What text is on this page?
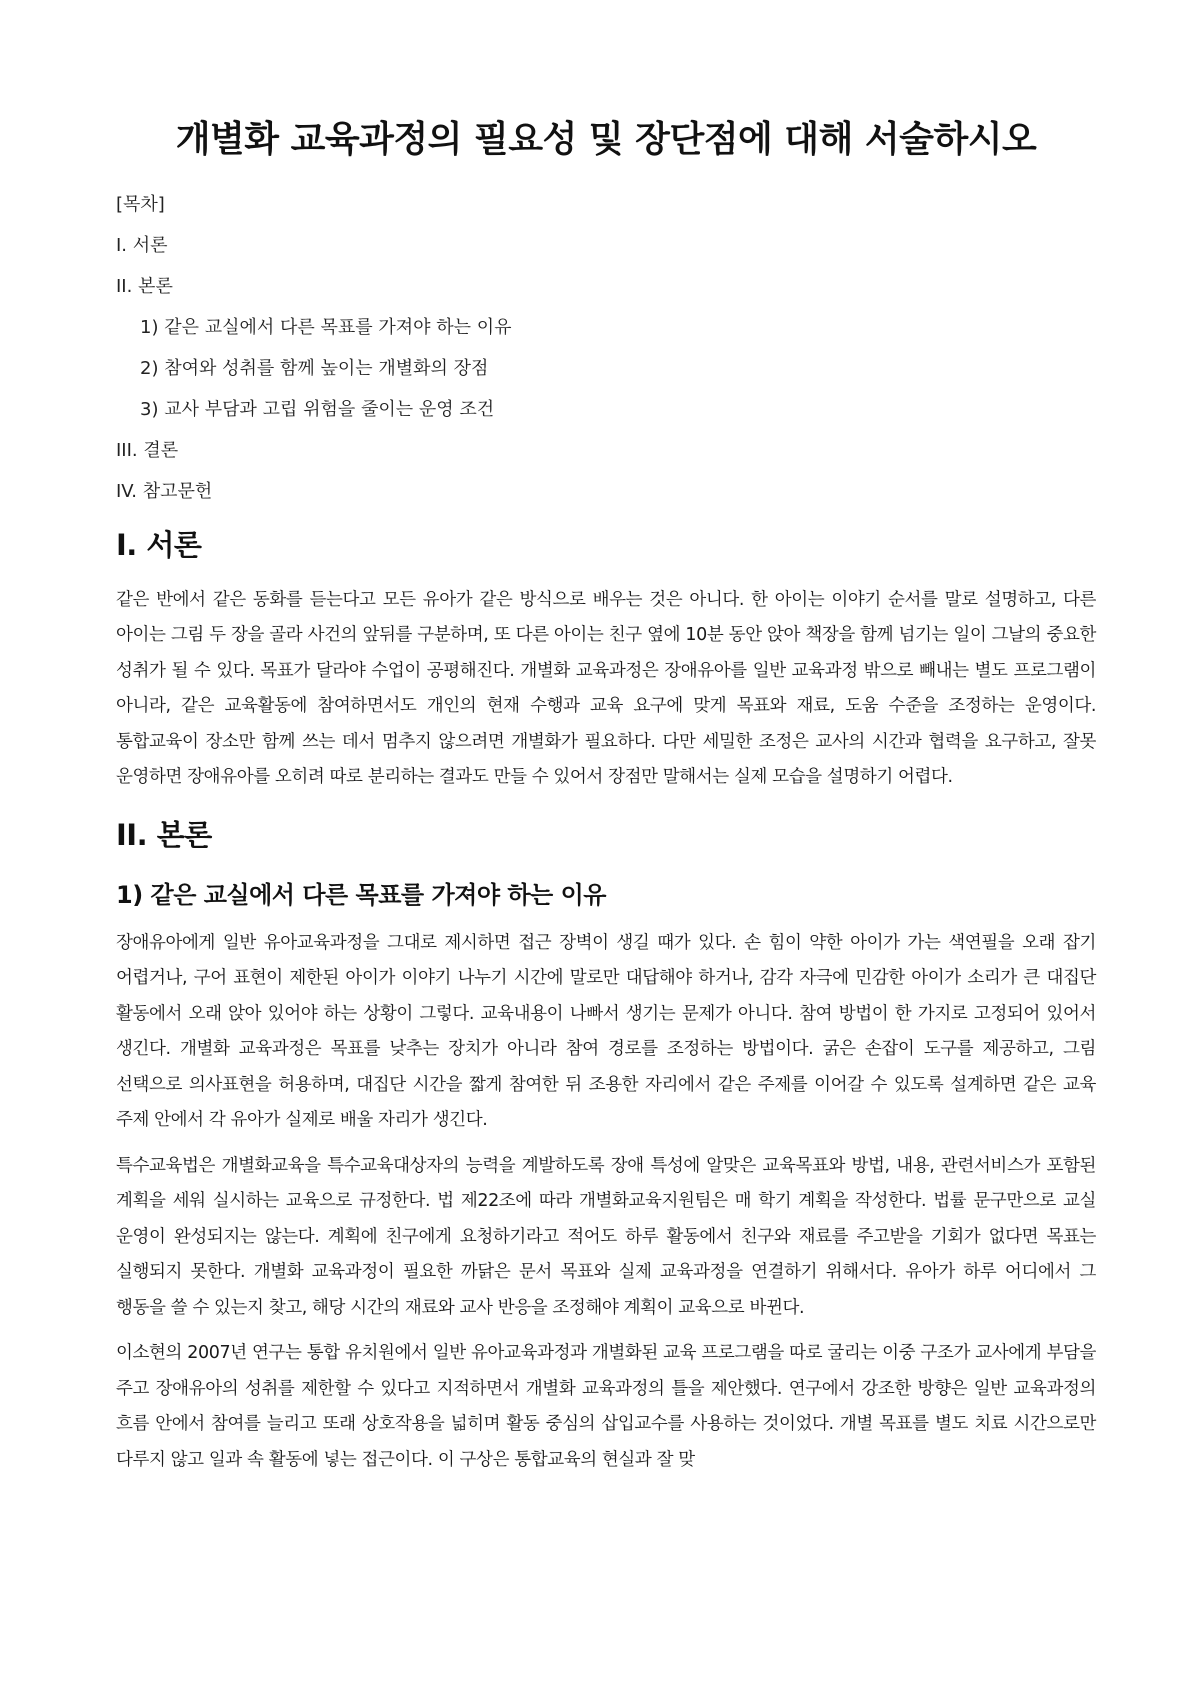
개별화 교육과정의 필요성 및 장단점에 대해 서술하시오
[목차]
I. 서론
II. 본론
1) 같은 교실에서 다른 목표를 가져야 하는 이유
2) 참여와 성취를 함께 높이는 개별화의 장점
3) 교사 부담과 고립 위험을 줄이는 운영 조건
III. 결론
IV. 참고문헌
I. 서론

같은 반에서 같은 동화를 듣는다고 모든 유아가 같은 방식으로 배우는 것은 아니다. 한 아이는 이야기 순서를 말로 설명하고, 다른 아이는 그림 두 장을 골라 사건의 앞뒤를 구분하며, 또 다른 아이는 친구 옆에 10분 동안 앉아 책장을 함께 넘기는 일이 그날의 중요한 성취가 될 수 있다. 목표가 달라야 수업이 공평해진다. 개별화 교육과정은 장애유아를 일반 교육과정 밖으로 빼내는 별도 프로그램이 아니라, 같은 교육활동에 참여하면서도 개인의 현재 수행과 교육 요구에 맞게 목표와 재료, 도움 수준을 조정하는 운영이다. 통합교육이 장소만 함께 쓰는 데서 멈추지 않으려면 개별화가 필요하다. 다만 세밀한 조정은 교사의 시간과 협력을 요구하고, 잘못 운영하면 장애유아를 오히려 따로 분리하는 결과도 만들 수 있어서 장점만 말해서는 실제 모습을 설명하기 어렵다.

II. 본론
1) 같은 교실에서 다른 목표를 가져야 하는 이유

장애유아에게 일반 유아교육과정을 그대로 제시하면 접근 장벽이 생길 때가 있다. 손 힘이 약한 아이가 가는 색연필을 오래 잡기 어렵거나, 구어 표현이 제한된 아이가 이야기 나누기 시간에 말로만 대답해야 하거나, 감각 자극에 민감한 아이가 소리가 큰 대집단 활동에서 오래 앉아 있어야 하는 상황이 그렇다. 교육내용이 나빠서 생기는 문제가 아니다. 참여 방법이 한 가지로 고정되어 있어서 생긴다. 개별화 교육과정은 목표를 낮추는 장치가 아니라 참여 경로를 조정하는 방법이다. 굵은 손잡이 도구를 제공하고, 그림 선택으로 의사표현을 허용하며, 대집단 시간을 짧게 참여한 뒤 조용한 자리에서 같은 주제를 이어갈 수 있도록 설계하면 같은 교육 주제 안에서 각 유아가 실제로 배울 자리가 생긴다.

특수교육법은 개별화교육을 특수교육대상자의 능력을 계발하도록 장애 특성에 알맞은 교육목표와 방법, 내용, 관련서비스가 포함된 계획을 세워 실시하는 교육으로 규정한다. 법 제22조에 따라 개별화교육지원팀은 매 학기 계획을 작성한다. 법률 문구만으로 교실 운영이 완성되지는 않는다. 계획에 친구에게 요청하기라고 적어도 하루 활동에서 친구와 재료를 주고받을 기회가 없다면 목표는 실행되지 못한다. 개별화 교육과정이 필요한 까닭은 문서 목표와 실제 교육과정을 연결하기 위해서다. 유아가 하루 어디에서 그 행동을 쓸 수 있는지 찾고, 해당 시간의 재료와 교사 반응을 조정해야 계획이 교육으로 바뀐다.

이소현의 2007년 연구는 통합 유치원에서 일반 유아교육과정과 개별화된 교육 프로그램을 따로 굴리는 이중 구조가 교사에게 부담을 주고 장애유아의 성취를 제한할 수 있다고 지적하면서 개별화 교육과정의 틀을 제안했다. 연구에서 강조한 방향은 일반 교육과정의 흐름 안에서 참여를 늘리고 또래 상호작용을 넓히며 활동 중심의 삽입교수를 사용하는 것이었다. 개별 목표를 별도 치료 시간으로만 다루지 않고 일과 속 활동에 넣는 접근이다. 이 구상은 통합교육의 현실과 잘 맞
